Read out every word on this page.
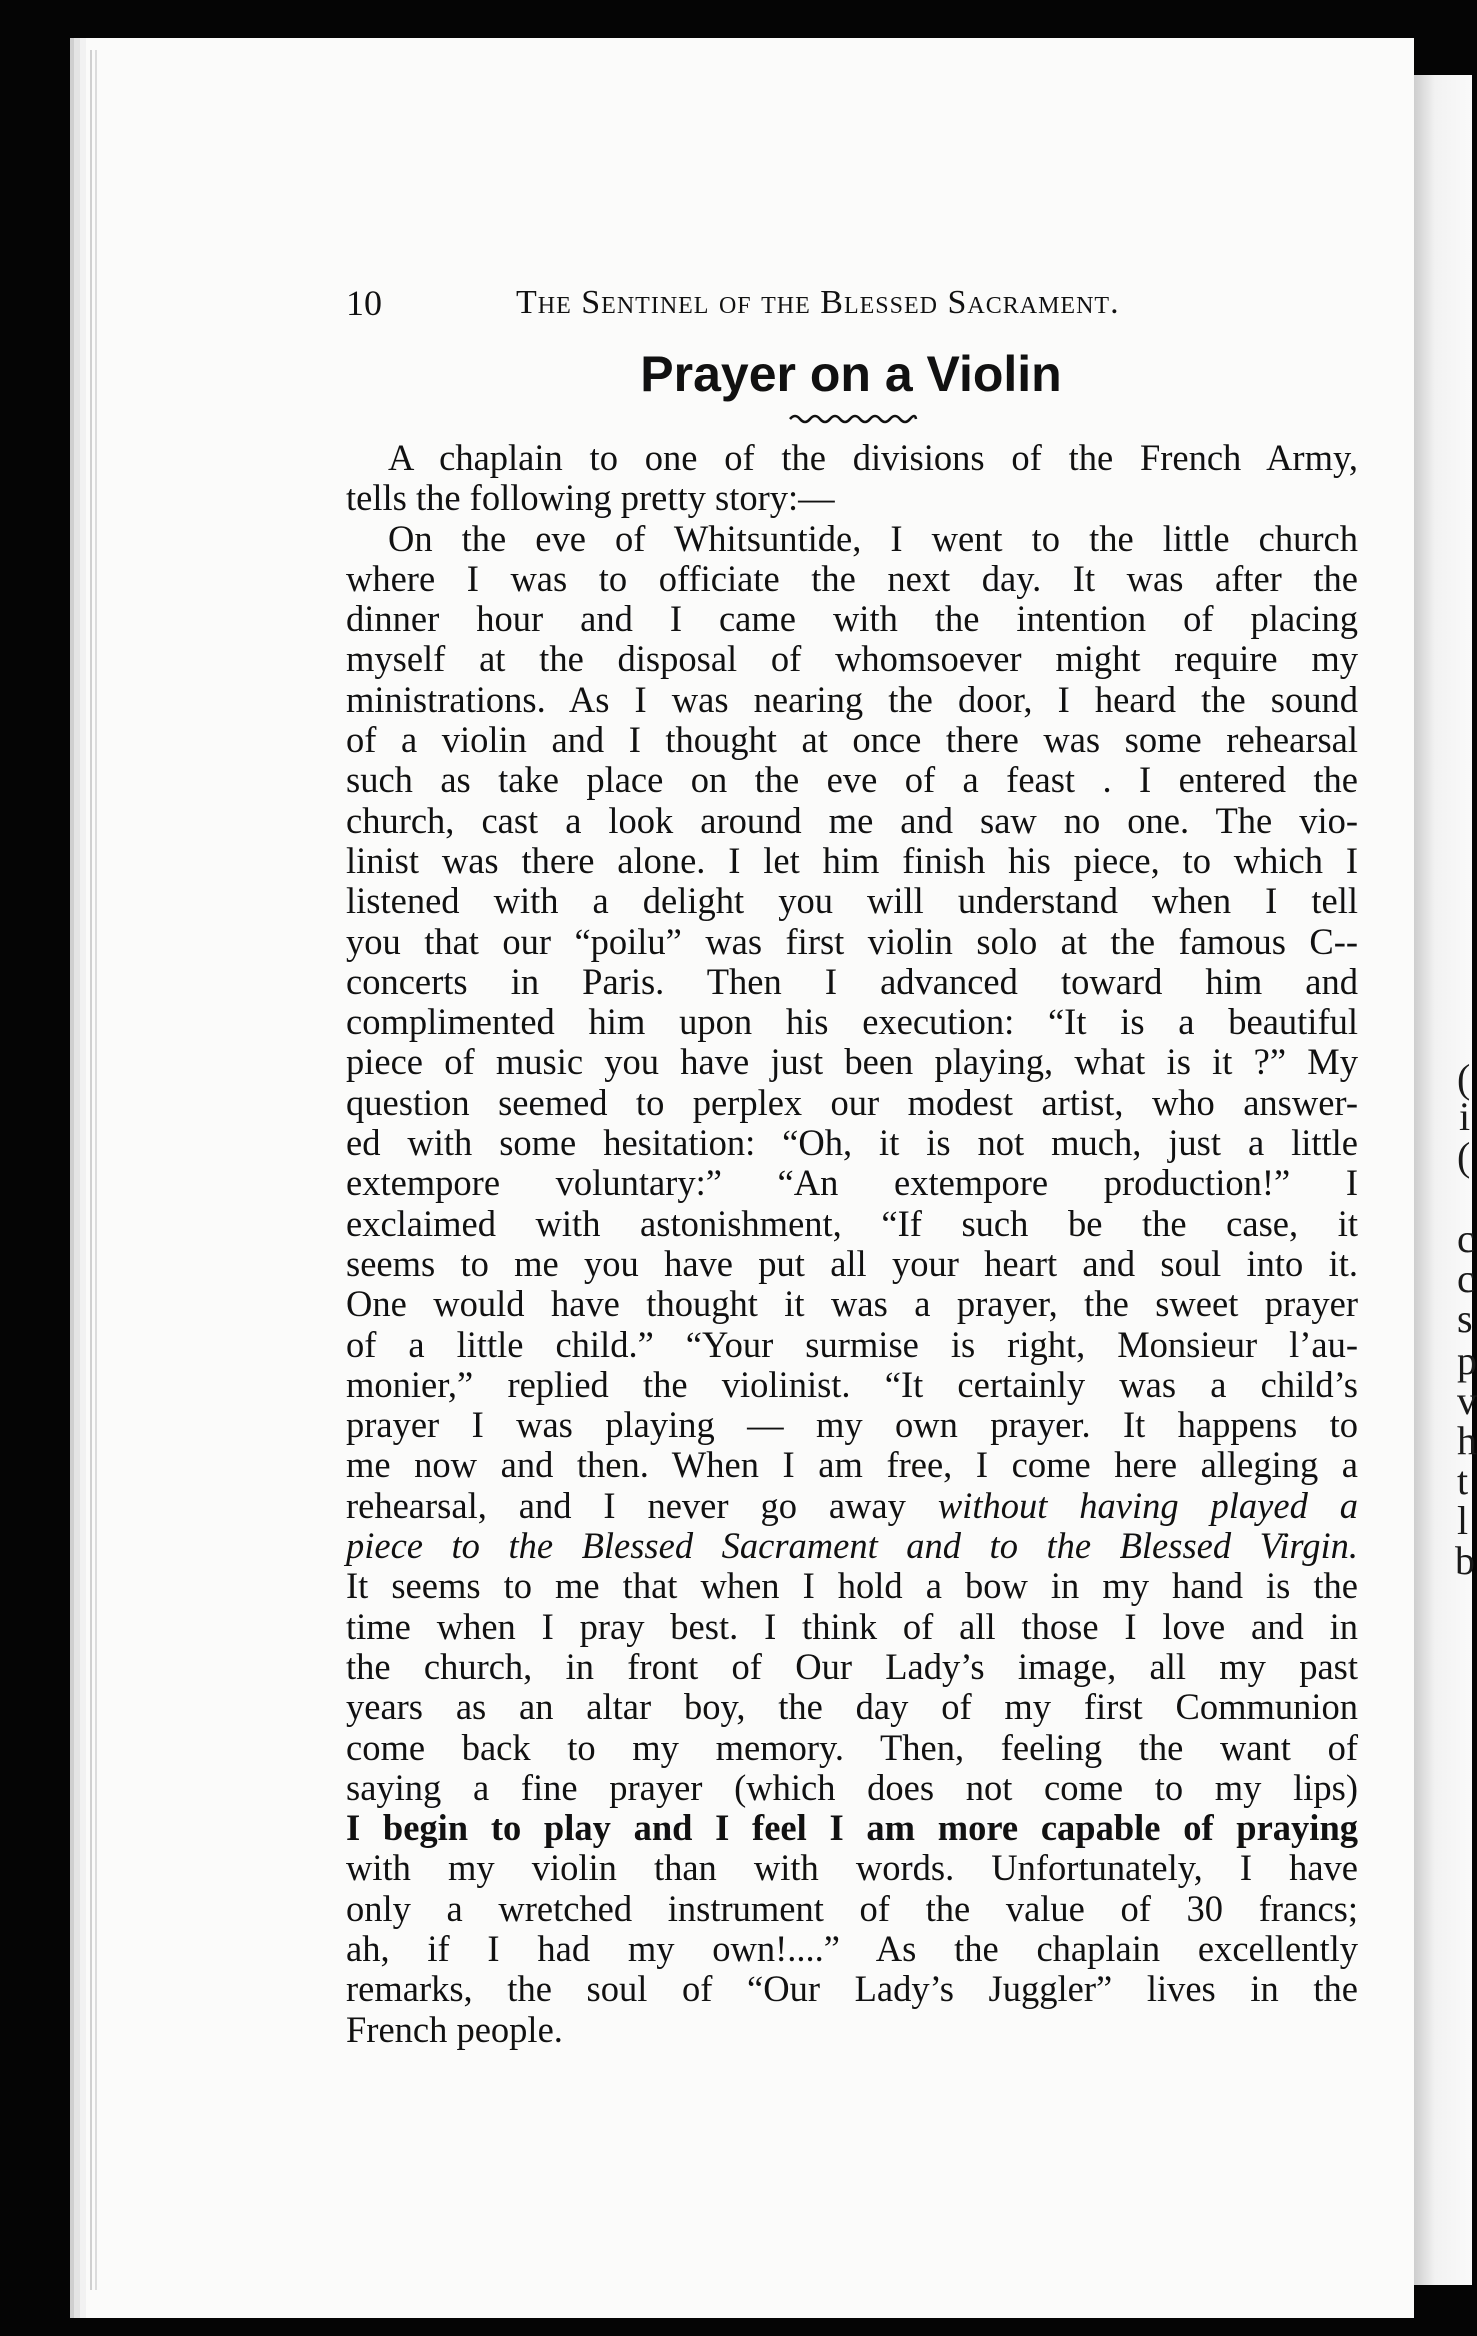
(
i
(
c
c
s
p
v
h
t
l
b
10	The Sentinel of the Blessed Sacrament.
Prayer on a Violin
A chaplain to one of the divisions of the French Army,
tells the following pretty story:—
On the eve of Whitsuntide, I went to the little church
where I was to officiate the next day. It was after the
dinner hour and I came with the intention of placing
myself at the disposal of whomsoever might require my
ministrations. As I was nearing the door, I heard the sound
of a violin and I thought at once there was some rehearsal
such as take place on the eve of a feast . I entered the
church, cast a look around me and saw no one. The vio-
linist was there alone. I let him finish his piece, to which I
listened with a delight you will understand when I tell
you that our “poilu” was first violin solo at the famous C--
concerts in Paris. Then I advanced toward him and
complimented him upon his execution: “It is a beautiful
piece of music you have just been playing, what is it ?” My
question seemed to perplex our modest artist, who answer-
ed with some hesitation: “Oh, it is not much, just a little
extempore voluntary:” “An extempore production!” I
exclaimed with astonishment, “If such be the case, it
seems to me you have put all your heart and soul into it.
One would have thought it was a prayer, the sweet prayer
of a little child.” “Your surmise is right, Monsieur l’au-
monier,” replied the violinist. “It certainly was a child’s
prayer I was playing — my own prayer. It happens to
me now and then. When I am free, I come here alleging a
rehearsal, and I never go away without having played a
piece to the Blessed Sacrament and to the Blessed Virgin.
It seems to me that when I hold a bow in my hand is the
time when I pray best. I think of all those I love and in
the church, in front of Our Lady’s image, all my past
years as an altar boy, the day of my first Communion
come back to my memory. Then, feeling the want of
saying a fine prayer (which does not come to my lips)
I begin to play and I feel I am more capable of praying
with my violin than with words. Unfortunately, I have
only a wretched instrument of the value of 30 francs;
ah, if I had my own!....” As the chaplain excellently
remarks, the soul of “Our Lady’s Juggler” lives in the
French people.
